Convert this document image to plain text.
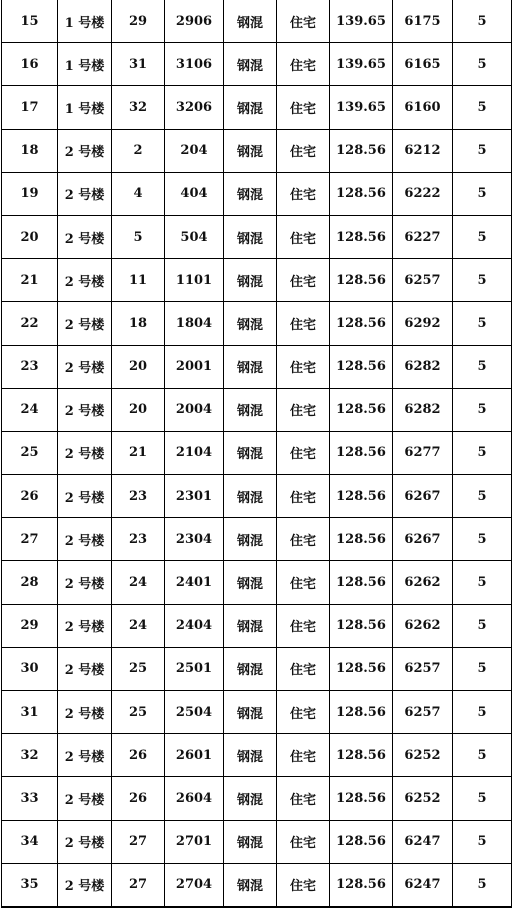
15	1 号楼	29	2906	钢混	住宅	139.65	6175	5
16	1 号楼	31	3106	钢混	住宅	139.65	6165	5
17	1 号楼	32	3206	钢混	住宅	139.65	6160	5
18	2 号楼	2	204	钢混	住宅	128.56	6212	5
19	2 号楼	4	404	钢混	住宅	128.56	6222	5
20	2 号楼	5	504	钢混	住宅	128.56	6227	5
21	2 号楼	11	1101	钢混	住宅	128.56	6257	5
22	2 号楼	18	1804	钢混	住宅	128.56	6292	5
23	2 号楼	20	2001	钢混	住宅	128.56	6282	5
24	2 号楼	20	2004	钢混	住宅	128.56	6282	5
25	2 号楼	21	2104	钢混	住宅	128.56	6277	5
26	2 号楼	23	2301	钢混	住宅	128.56	6267	5
27	2 号楼	23	2304	钢混	住宅	128.56	6267	5
28	2 号楼	24	2401	钢混	住宅	128.56	6262	5
29	2 号楼	24	2404	钢混	住宅	128.56	6262	5
30	2 号楼	25	2501	钢混	住宅	128.56	6257	5
31	2 号楼	25	2504	钢混	住宅	128.56	6257	5
32	2 号楼	26	2601	钢混	住宅	128.56	6252	5
33	2 号楼	26	2604	钢混	住宅	128.56	6252	5
34	2 号楼	27	2701	钢混	住宅	128.56	6247	5
35	2 号楼	27	2704	钢混	住宅	128.56	6247	5
